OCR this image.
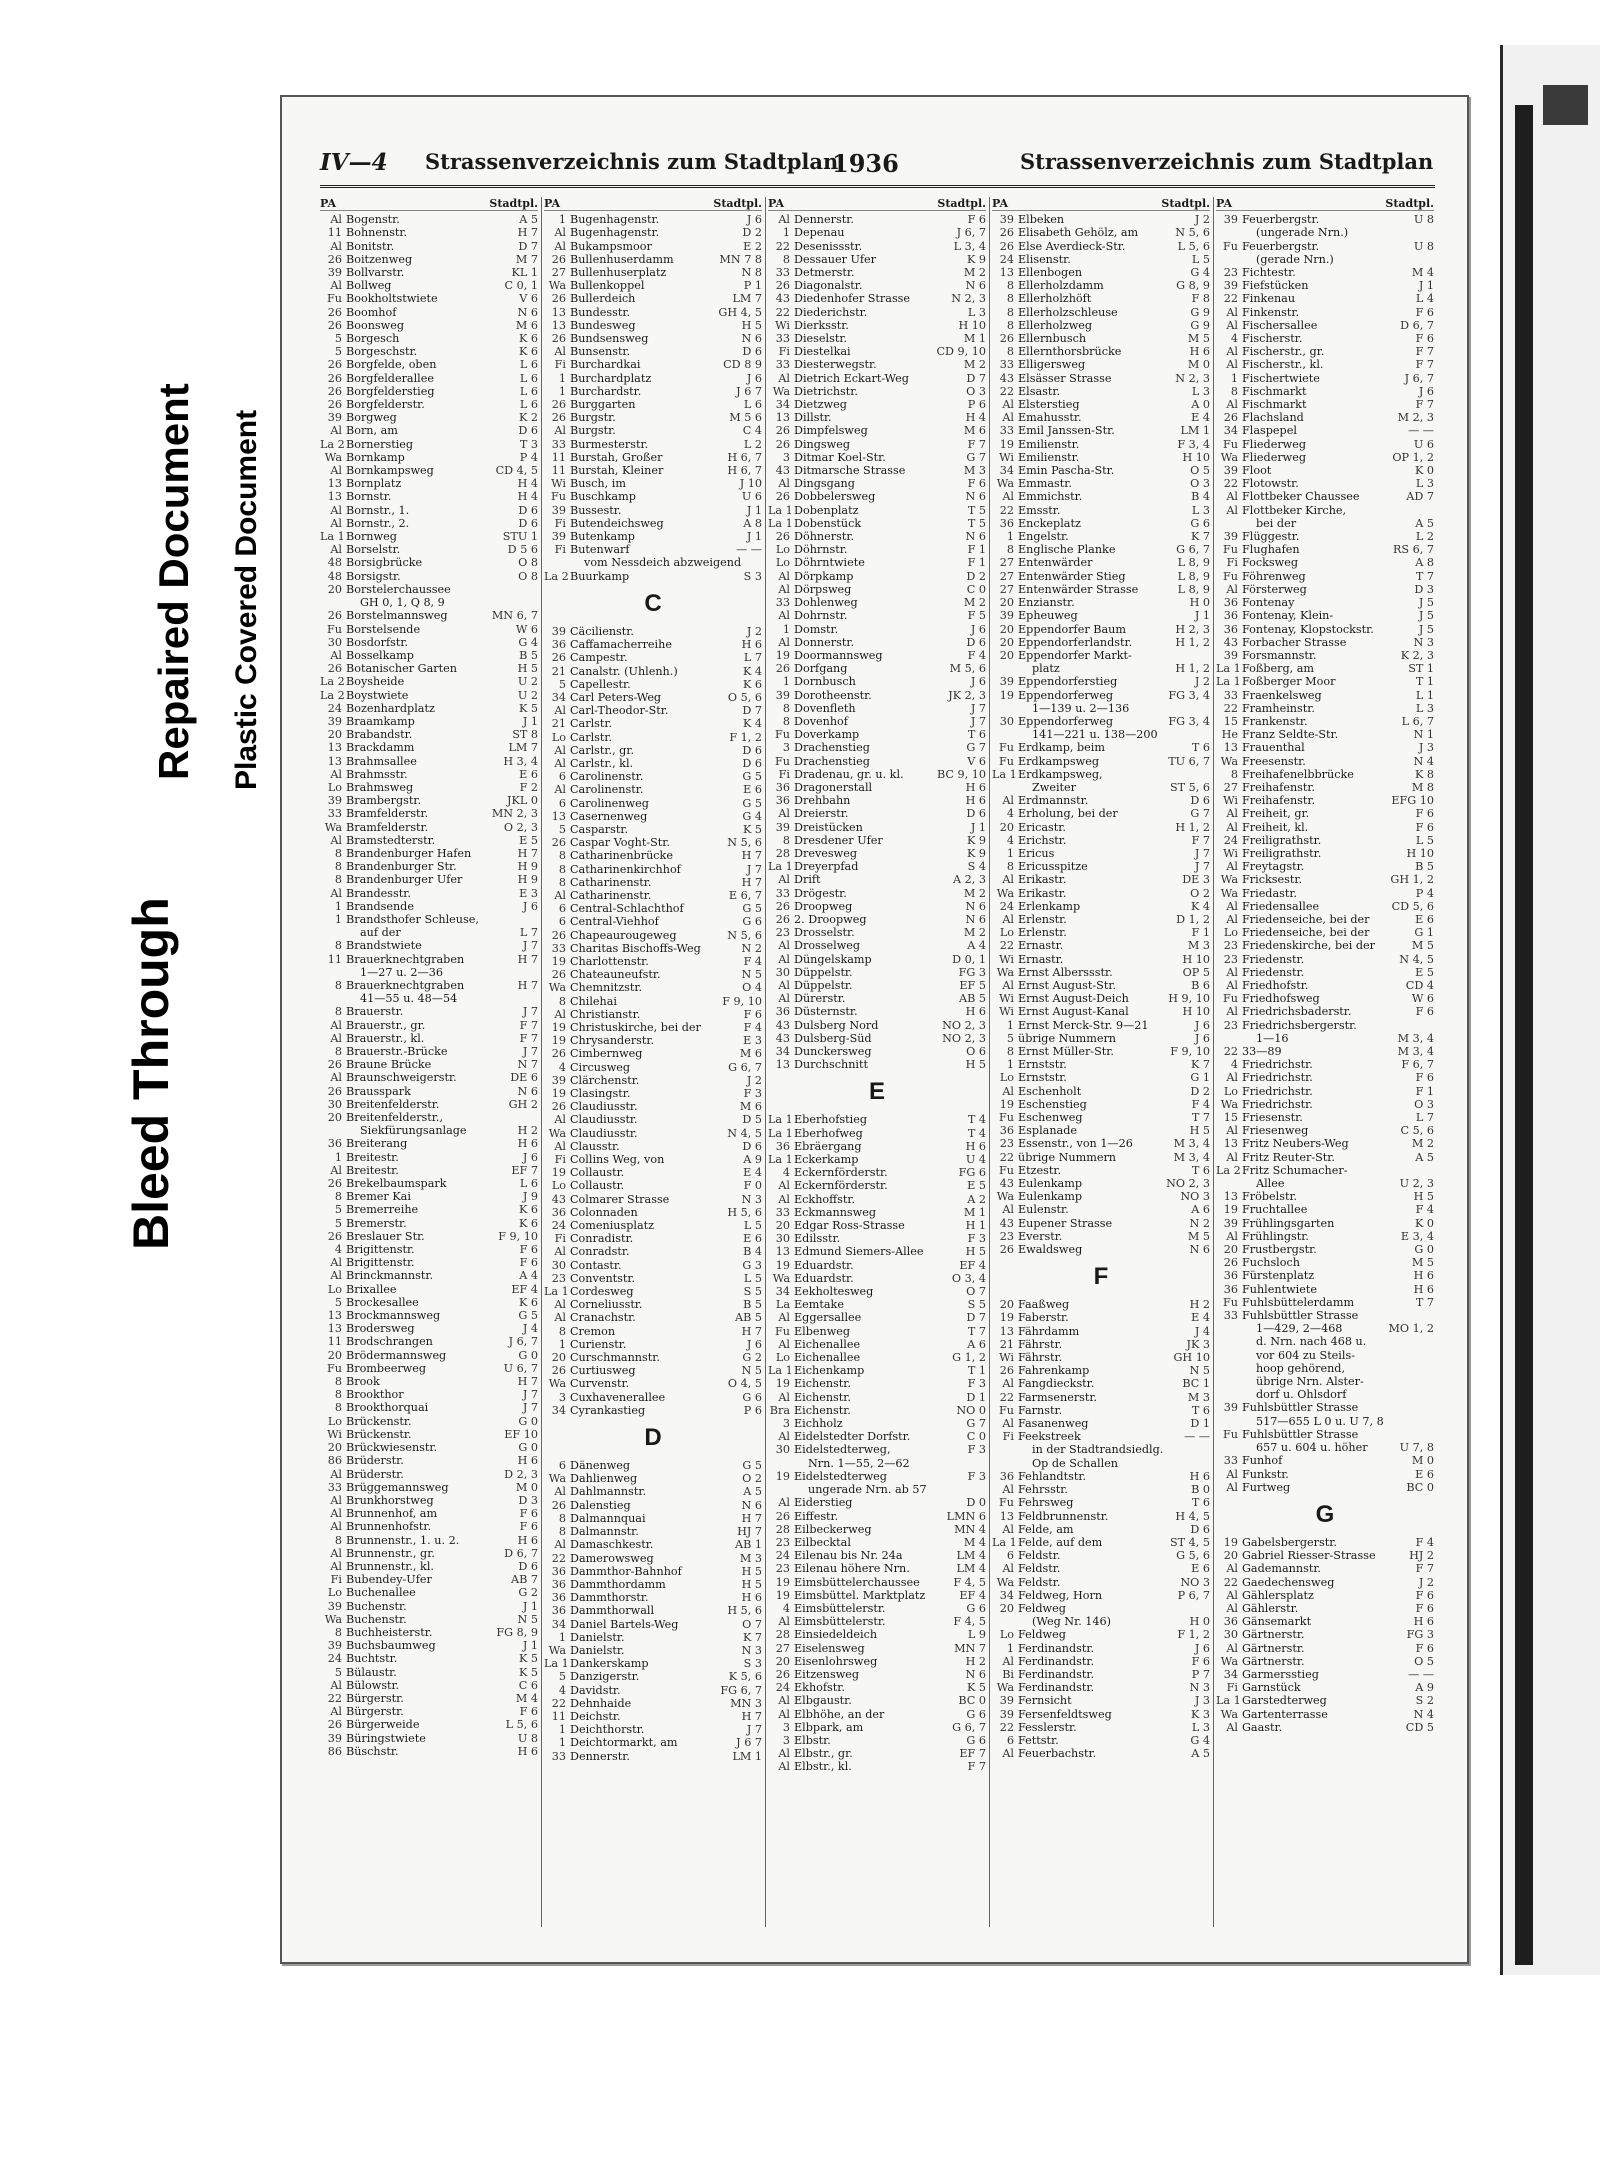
Bleed Through
Repaired Document Plastic Covered Document
IV—4 Strassenverzeichnis zum Stadtplan
1936	Strassenverzeichnis zum Stadtplan
PA	Stadtpl.
Al Bogenstr.	A 5
11 Bohnenstr.	H 7
Al Bonitstr.	D 7
26 Boitzenweg	M 7
39 Bollvarstr.	KL 1
Al Bollweg	C 0, 1
Fu Bookholtstwiete	V 6
26 Boomhof	N 6
26 Boonsweg	M 6
5 Borgesch	K 6
5 Borgeschstr.	K 6
26 Borgfelde, oben	L 6
26 Borgfelderallee	L 6
26 Borgfelderstieg	L 6
26 Borgfelderstr.	L 6
39 Borgweg	K 2
Al Born, am	D 6
La 2 Bornerstieg	T 3
Wa Bornkamp	P 4
Al Bornkampsweg	CD 4, 5
13 Bornplatz	H 4
13 Bornstr.	H 4
Al Bornstr., 1.	D 6
Al Bornstr., 2.	D 6
La 1 Bornweg	STU 1
Al Borselstr.	D 5 6
48 Borsigbrücke	O 8
48 Borsigstr.	O 8
20 Borstelerchaussee
GH 0, 1, Q 8, 9
26 Borstelmannsweg	MN 6, 7
Fu Borstelsende	W 6
30 Bosdorfstr.	G 4
Al Bosselkamp	B 5
26 Botanischer Garten	H 5
La 2 Boysheide	U 2
La 2 Boystwiete	U 2
24 Bozenhardplatz	K 5
39 Braamkamp	J 1
20 Brabandstr.	ST 8
13 Brackdamm	LM 7
13 Brahmsallee	H 3, 4
Al Brahmsstr.	E 6
Lo Brahmsweg	F 2
39 Brambergstr.	JKL 0
33 Bramfelderstr.	MN 2, 3
Wa Bramfelderstr.	O 2, 3
Al Bramstedterstr.	E 5
8 Brandenburger Hafen	H 7
8 Brandenburger Str.	H 9
8 Brandenburger Ufer	H 9
Al Brandesstr.	E 3
1 Brandsende	J 6
1 Brandsthofer Schleuse,
auf der	L 7
8 Brandstwiete	J 7
11 Brauerknechtgraben	H 7
1—27 u. 2—36
8 Brauerknechtgraben	H 7
41—55 u. 48—54
8 Brauerstr.	J 7
Al Brauerstr., gr.	F 7
Al Brauerstr., kl.	F 7
8 Brauerstr.-Brücke	J 7
26 Braune Brücke	N 7
Al Braunschweigerstr.	DE 6
26 Brausspark	N 6
30 Breitenfelderstr.	GH 2
20 Breitenfelderstr.,
Siekfürungsanlage	H 2
36 Breiterang	H 6
1 Breitestr.	J 6
Al Breitestr.	EF 7
26 Brekelbaumspark	L 6
8 Bremer Kai	J 9
5 Bremerreihe	K 6
5 Bremerstr.	K 6
26 Breslauer Str.	F 9, 10
4 Brigittenstr.	F 6
Al Brigittenstr.	F 6
Al Brinckmannstr.	A 4
Lo Brixallee	EF 4
5 Brockesallee	K 6
13 Brockmannsweg	G 5
13 Brodersweg	J 4
11 Brodschrangen	J 6, 7
20 Brödermannsweg	G 0
Fu Brombeerweg	U 6, 7
8 Brook	H 7
8 Brookthor	J 7
8 Brookthorquai	J 7
Lo Brückenstr.	G 0
Wi Brückenstr.	EF 10
20 Brückwiesenstr.	G 0
86 Brüderstr.	H 6
Al Brüderstr.	D 2, 3
33 Brüggemannsweg	M 0
Al Brunkhorstweg	D 3
Al Brunnenhof, am	F 6
Al Brunnenhofstr.	F 6
8 Brunnenstr., 1. u. 2.	H 6
Al Brunnenstr., gr.	D 6, 7
Al Brunnenstr., kl.	D 6
Fi Bubendey-Ufer	AB 7
Lo Buchenallee	G 2
39 Buchenstr.	J 1
Wa Buchenstr.	N 5
8 Buchheisterstr.	FG 8, 9
39 Buchsbaumweg	J 1
24 Buchtstr.	K 5
5 Bülaustr.	K 5
Al Bülowstr.	C 6
22 Bürgerstr.	M 4
Al Bürgerstr.	F 6
26 Bürgerweide	L 5, 6
39 Büringstwiete	U 8
86 Büschstr.	H 6
PA	Stadtpl.
1 Bugenhagenstr.	J 6
Al Bugenhagenstr.	D 2
Al Bukampsmoor	E 2
26 Bullenhuserdamm	MN 7 8
27 Bullenhuserplatz	N 8
Wa Bullenkoppel	P 1
26 Bullerdeich	LM 7
13 Bundesstr.	GH 4, 5
13 Bundesweg	H 5
26 Bundsensweg	N 6
Al Bunsenstr.	D 6
Fi Burchardkai	CD 8 9
1 Burchardplatz	J 6
1 Burchardstr.	J 6 7
26 Burggarten	L 6
26 Burgstr.	M 5 6
Al Burgstr.	C 4
33 Burmesterstr.	L 2
11 Burstah, Großer	H 6, 7
11 Burstah, Kleiner	H 6, 7
Wi Busch, im	J 10
Fu Buschkamp	U 6
39 Bussestr.	J 1
Fi Butendeichsweg	A 8
39 Butenkamp	J 1
Fi Butenwarf	— —
vom Nessdeich abzweigend
La 2 Buurkamp	S 3
C
39 Cäcilienstr.	J 2
36 Caffamacherreihe	H 6
26 Campestr.	L 7
21 Canalstr. (Uhlenh.)	K 4
5 Capellestr.	K 6
34 Carl Peters-Weg	O 5, 6
Al Carl-Theodor-Str.	D 7
21 Carlstr.	K 4
Lo Carlstr.	F 1, 2
Al Carlstr., gr.	D 6
Al Carlstr., kl.	D 6
6 Carolinenstr.	G 5
Al Carolinenstr.	E 6
6 Carolinenweg	G 5
13 Casernenweg	G 4
5 Casparstr.	K 5
26 Caspar Voght-Str.	N 5, 6
8 Catharinenbrücke	H 7
8 Catharinenkirchhof	J 7
8 Catharinenstr.	H 7
Al Catharinenstr.	E 6, 7
6 Central-Schlachthof	G 5
6 Central-Viehhof	G 6
26 Chapeaurougeweg	N 5, 6
33 Charitas Bischoffs-Weg	N 2
19 Charlottenstr.	F 4
26 Chateauneufstr.	N 5
Wa Chemnitzstr.	O 4
8 Chilehai	F 9, 10
Al Christianstr.	F 6
19 Christuskirche, bei der	F 4
19 Chrysanderstr.	E 3
26 Cimbernweg	M 6
4 Circusweg	G 6, 7
39 Clärchenstr.	J 2
19 Clasingstr.	F 3
26 Claudiusstr.	M 6
Al Claudiusstr.	D 5
Wa Claudiusstr.	N 4, 5
Al Clausstr.	D 6
Fi Collins Weg, von	A 9
19 Collaustr.	E 4
Lo Collaustr.	F 0
43 Colmarer Strasse	N 3
36 Colonnaden	H 5, 6
24 Comeniusplatz	L 5
Fi Conradistr.	E 6
Al Conradstr.	B 4
30 Contastr.	G 3
23 Conventstr.	L 5
La 1 Cordesweg	S 5
Al Corneliusstr.	B 5
Al Cranachstr.	AB 5
8 Cremon	H 7
1 Curienstr.	J 6
20 Curschmannstr.	G 2
26 Curtiusweg	N 5
Wa Curvenstr.	O 4, 5
3 Cuxhavenerallee	G 6
34 Cyrankastieg	P 6
D
6 Dänenweg	G 5
Wa Dahlienweg	O 2
Al Dahlmannstr.	A 5
26 Dalenstieg	N 6
8 Dalmannquai	H 7
8 Dalmannstr.	HJ 7
Al Damaschkestr.	AB 1
22 Damerowsweg	M 3
36 Dammthor-Bahnhof	H 5
36 Dammthordamm	H 5
36 Dammthorstr.	H 6
36 Dammthorwall	H 5, 6
34 Daniel Bartels-Weg	O 7
1 Danielstr.	K 7
Wa Danielstr.	N 3
La 1 Dankerskamp	S 3
5 Danzigerstr.	K 5, 6
4 Davidstr.	FG 6, 7
22 Dehnhaide	MN 3
11 Deichstr.	H 7
1 Deichthorstr.	J 7
1 Deichtormarkt, am	J 6 7
33 Dennerstr.	LM 1
PA	Stadtpl.
Al Dennerstr.	F 6
1 Depenau	J 6, 7
22 Desenissstr.	L 3, 4
8 Dessauer Ufer	K 9
33 Detmerstr.	M 2
26 Diagonalstr.	N 6
43 Diedenhofer Strasse	N 2, 3
22 Diederichstr.	L 3
Wi Dierksstr.	H 10
33 Dieselstr.	M 1
Fi Diestelkai	CD 9, 10
33 Diesterwegstr.	M 2
Al Dietrich Eckart-Weg	D 7
Wa Dietrichstr.	O 3
34 Dietzweg	P 6
13 Dillstr.	H 4
26 Dimpfelsweg	M 6
26 Dingsweg	F 7
3 Ditmar Koel-Str.	G 7
43 Ditmarsche Strasse	M 3
Al Dingsgang	F 6
26 Dobbelersweg	N 6
La 1 Dobenplatz	T 5
La 1 Dobenstück	T 5
26 Döhnerstr.	N 6
Lo Döhrnstr.	F 1
Lo Döhrntwiete	F 1
Al Dörpkamp	D 2
Al Dörpsweg	C 0
33 Dohlenweg	M 2
Al Dohrnstr.	F 5
1 Domstr.	J 6
Al Donnerstr.	D 6
19 Doormannsweg	F 4
26 Dorfgang	M 5, 6
1 Dornbusch	J 6
39 Dorotheenstr.	JK 2, 3
8 Dovenfleth	J 7
8 Dovenhof	J 7
Fu Doverkamp	T 6
3 Drachenstieg	G 7
Fu Drachenstieg	V 6
Fi Dradenau, gr. u. kl.	BC 9, 10
36 Dragonerstall	H 6
36 Drehbahn	H 6
Al Dreierstr.	D 6
39 Dreistücken	J 1
8 Dresdener Ufer	K 9
28 Drevesweg	K 9
La 1 Dreyerpfad	S 4
Al Drift	A 2, 3
33 Drögestr.	M 2
26 Droopweg	N 6
26 2. Droopweg	N 6
23 Drosselstr.	M 2
Al Drosselweg	A 4
Al Düngelskamp	D 0, 1
30 Düppelstr.	FG 3
Al Düppelstr.	EF 5
Al Dürerstr.	AB 5
36 Düsternstr.	H 6
43 Dulsberg Nord	NO 2, 3
43 Dulsberg-Süd	NO 2, 3
34 Dunckersweg	O 6
13 Durchschnitt	H 5
E
La 1 Eberhofstieg	T 4
La 1 Eberhofweg	T 4
36 Ebräergang	H 6
La 1 Eckerkamp	U 4
4 Eckernförderstr.	FG 6
Al Eckernförderstr.	E 5
Al Eckhoffstr.	A 2
33 Eckmannsweg	M 1
20 Edgar Ross-Strasse	H 1
30 Edilsstr.	F 3
13 Edmund Siemers-Allee	H 5
19 Eduardstr.	EF 4
Wa Eduardstr.	O 3, 4
34 Eekholtesweg	O 7
La Eemtake	S 5
Al Eggersallee	D 7
Fu Elbenweg	T 7
Al Eichenallee	A 6
Lo Eichenallee	G 1, 2
La 1 Eichenkamp	T 1
19 Eichenstr.	F 3
Al Eichenstr.	D 1
Bra Eichenstr.	NO 0
3 Eichholz	G 7
Al Eidelstedter Dorfstr.	C 0
30 Eidelstedterweg,	F 3
Nrn. 1—55, 2—62
19 Eidelstedterweg	F 3
ungerade Nrn. ab 57
Al Eiderstieg	D 0
26 Eiffestr.	LMN 6
28 Eilbeckerweg	MN 4
23 Eilbecktal	M 4
24 Eilenau bis Nr. 24a	LM 4
23 Eilenau höhere Nrn.	LM 4
19 Eimsbüttelerchaussee	F 4, 5
19 Eimsbüttel. Marktplatz	EF 4
4 Eimsbüttelerstr.	G 6
Al Eimsbüttelerstr.	F 4, 5
28 Einsiedeldeich	L 9
27 Eiselensweg	MN 7
20 Eisenlohrsweg	H 2
26 Eitzensweg	N 6
24 Ekhofstr.	K 5
Al Elbgaustr.	BC 0
Al Elbhöhe, an der	G 6
3 Elbpark, am	G 6, 7
3 Elbstr.	G 6
Al Elbstr., gr.	EF 7
Al Elbstr., kl.	F 7
PA	Stadtpl.
39 Elbeken	J 2
26 Elisabeth Gehölz, am	N 5, 6
26 Else Averdieck-Str.	L 5, 6
24 Elisenstr.	L 5
13 Ellenbogen	G 4
8 Ellerholzdamm	G 8, 9
8 Ellerholzhöft	F 8
8 Ellerholzschleuse	G 9
8 Ellerholzweg	G 9
26 Ellernbusch	M 5
8 Ellernthorsbrücke	H 6
33 Elligersweg	M 0
43 Elsässer Strasse	N 2, 3
22 Elsastr.	L 3
Al Elsterstieg	A 0
Al Emahusstr.	E 4
33 Emil Janssen-Str.	LM 1
19 Emilienstr.	F 3, 4
Wi Emilienstr.	H 10
34 Emin Pascha-Str.	O 5
Wa Emmastr.	O 3
Al Emmichstr.	B 4
22 Emsstr.	L 3
36 Enckeplatz	G 6
1 Engelstr.	K 7
8 Englische Planke	G 6, 7
27 Entenwärder	L 8, 9
27 Entenwärder Stieg	L 8, 9
27 Entenwärder Strasse	L 8, 9
20 Enzianstr.	H 0
39 Epheuweg	J 1
20 Eppendorfer Baum	H 2, 3
20 Eppendorferlandstr.	H 1, 2
20 Eppendorfer Markt-
platz	H 1, 2
39 Eppendorferstieg	J 2
19 Eppendorferweg	FG 3, 4
1—139 u. 2—136
30 Eppendorferweg	FG 3, 4
141—221 u. 138—200
Fu Erdkamp, beim	T 6
Fu Erdkampsweg	TU 6, 7
La 1 Erdkampsweg,
Zweiter	ST 5, 6
Al Erdmannstr.	D 6
4 Erholung, bei der	G 7
20 Ericastr.	H 1, 2
4 Erichstr.	F 7
1 Ericus	J 7
8 Ericusspitze	J 7
Al Erikastr.	DE 3
Wa Erikastr.	O 2
24 Erlenkamp	K 4
Al Erlenstr.	D 1, 2
Lo Erlenstr.	F 1
22 Ernastr.	M 3
Wi Ernastr.	H 10
Wa Ernst Alberssstr.	OP 5
Al Ernst August-Str.	B 6
Wi Ernst August-Deich	H 9, 10
Wi Ernst August-Kanal	H 10
1 Ernst Merck-Str. 9—21	J 6
5 übrige Nummern	J 6
8 Ernst Müller-Str.	F 9, 10
1 Ernststr.	K 7
Lo Ernststr.	G 1
Al Eschenholt	D 2
19 Eschenstieg	F 4
Fu Eschenweg	T 7
36 Esplanade	H 5
23 Essenstr., von 1—26	M 3, 4
22 übrige Nummern	M 3, 4
Fu Etzestr.	T 6
43 Eulenkamp	NO 2, 3
Wa Eulenkamp	NO 3
Al Eulenstr.	A 6
43 Eupener Strasse	N 2
23 Everstr.	M 5
26 Ewaldsweg	N 6
F
20 Faaßweg	H 2
19 Faberstr.	E 4
13 Fährdamm	J 4
21 Fährstr.	JK 3
Wi Fährstr.	GH 10
26 Fahrenkamp	N 5
Al Fangdieckstr.	BC 1
22 Farmsenerstr.	M 3
Fu Farnstr.	T 6
Al Fasanenweg	D 1
Fi Feekstreek	— —
in der Stadtrandsiedlg.
Op de Schallen
36 Fehlandtstr.	H 6
Al Fehrsstr.	B 0
Fu Fehrsweg	T 6
13 Feldbrunnenstr.	H 4, 5
Al Felde, am	D 6
La 1 Felde, auf dem	ST 4, 5
6 Feldstr.	G 5, 6
Al Feldstr.	E 6
Wa Feldstr.	NO 3
34 Feldweg, Horn	P 6, 7
20 Feldweg
(Weg Nr. 146)	H 0
Lo Feldweg	F 1, 2
1 Ferdinandstr.	J 6
Al Ferdinandstr.	F 6
Bi Ferdinandstr.	P 7
Wa Ferdinandstr.	N 3
39 Fernsicht	J 3
39 Fersenfeldtsweg	K 3
22 Fesslerstr.	L 3
6 Fettstr.	G 4
Al Feuerbachstr.	A 5
PA	Stadtpl.
39 Feuerbergstr.	U 8
(ungerade Nrn.)
Fu Feuerbergstr.	U 8
(gerade Nrn.)
23 Fichtestr.	M 4
39 Fiefstücken	J 1
22 Finkenau	L 4
Al Finkenstr.	F 6
Al Fischersallee	D 6, 7
4 Fischerstr.	F 6
Al Fischerstr., gr.	F 7
Al Fischerstr., kl.	F 7
1 Fischertwiete	J 6, 7
8 Fischmarkt	J 6
Al Fischmarkt	F 7
26 Flachsland	M 2, 3
34 Flaspepel	— —
Fu Fliederweg	U 6
Wa Fliederweg	OP 1, 2
39 Floot	K 0
22 Flotowstr.	L 3
Al Flottbeker Chaussee	AD 7
Al Flottbeker Kirche,
bei der	A 5
39 Flüggestr.	L 2
Fu Flughafen	RS 6, 7
Fi Focksweg	A 8
Fu Föhrenweg	T 7
Al Försterweg	D 3
36 Fontenay	J 5
36 Fontenay, Klein-	J 5
36 Fontenay, Klopstockstr.	J 5
43 Forbacher Strasse	N 3
39 Forsmannstr.	K 2, 3
La 1 Foßberg, am	ST 1
La 1 Foßberger Moor	T 1
33 Fraenkelsweg	L 1
22 Framheinstr.	L 3
15 Frankenstr.	L 6, 7
He Franz Seldte-Str.	N 1
13 Frauenthal	J 3
Wa Freesenstr.	N 4
8 Freihafenelbbrücke	K 8
27 Freihafenstr.	M 8
Wi Freihafenstr.	EFG 10
Al Freiheit, gr.	F 6
Al Freiheit, kl.	F 6
24 Freiligrathstr.	L 5
Wi Freiligrathstr.	H 10
Al Freytagstr.	B 5
Wa Fricksestr.	GH 1, 2
Wa Friedastr.	P 4
Al Friedensallee	CD 5, 6
Al Friedenseiche, bei der	E 6
Lo Friedenseiche, bei der	G 1
23 Friedenskirche, bei der	M 5
23 Friedenstr.	N 4, 5
Al Friedenstr.	E 5
Al Friedhofstr.	CD 4
Fu Friedhofsweg	W 6
Al Friedrichsbaderstr.	F 6
23 Friedrichsbergerstr.
1—16	M 3, 4
22 33—89	M 3, 4
4 Friedrichstr.	F 6, 7
Al Friedrichstr.	F 6
Lo Friedrichstr.	F 1
Wa Friedrichstr.	O 3
15 Friesenstr.	L 7
Al Friesenweg	C 5, 6
13 Fritz Neubers-Weg	M 2
Al Fritz Reuter-Str.	A 5
La 2 Fritz Schumacher-
Allee	U 2, 3
13 Fröbelstr.	H 5
19 Fruchtallee	F 4
39 Frühlingsgarten	K 0
Al Frühlingstr.	E 3, 4
20 Frustbergstr.	G 0
26 Fuchsloch	M 5
36 Fürstenplatz	H 6
36 Fuhlentwiete	H 6
Fu Fuhlsbüttelerdamm	T 7
33 Fuhlsbüttler Strasse
1—429, 2—468	MO 1, 2
d. Nrn. nach 468 u.
vor 604 zu Steils-
hoop gehörend,
übrige Nrn. Alster-
dorf u. Ohlsdorf
39 Fuhlsbüttler Strasse
517—655 L 0 u. U 7, 8
Fu Fuhlsbüttler Strasse
657 u. 604 u. höher	U 7, 8
33 Funhof	M 0
Al Funkstr.	E 6
Al Furtweg	BC 0
G
19 Gabelsbergerstr.	F 4
20 Gabriel Riesser-Strasse	HJ 2
Al Gademannstr.	F 7
22 Gaedechensweg	J 2
Al Gählersplatz	F 6
Al Gählerstr.	F 6
36 Gänsemarkt	H 6
30 Gärtnerstr.	FG 3
Al Gärtnerstr.	F 6
Wa Gärtnerstr.	O 5
34 Garmersstieg	— —
Fi Garnstück	A 9
La 1 Garstedterweg	S 2
Wa Gartenterrasse	N 4
Al Gaastr.	CD 5
